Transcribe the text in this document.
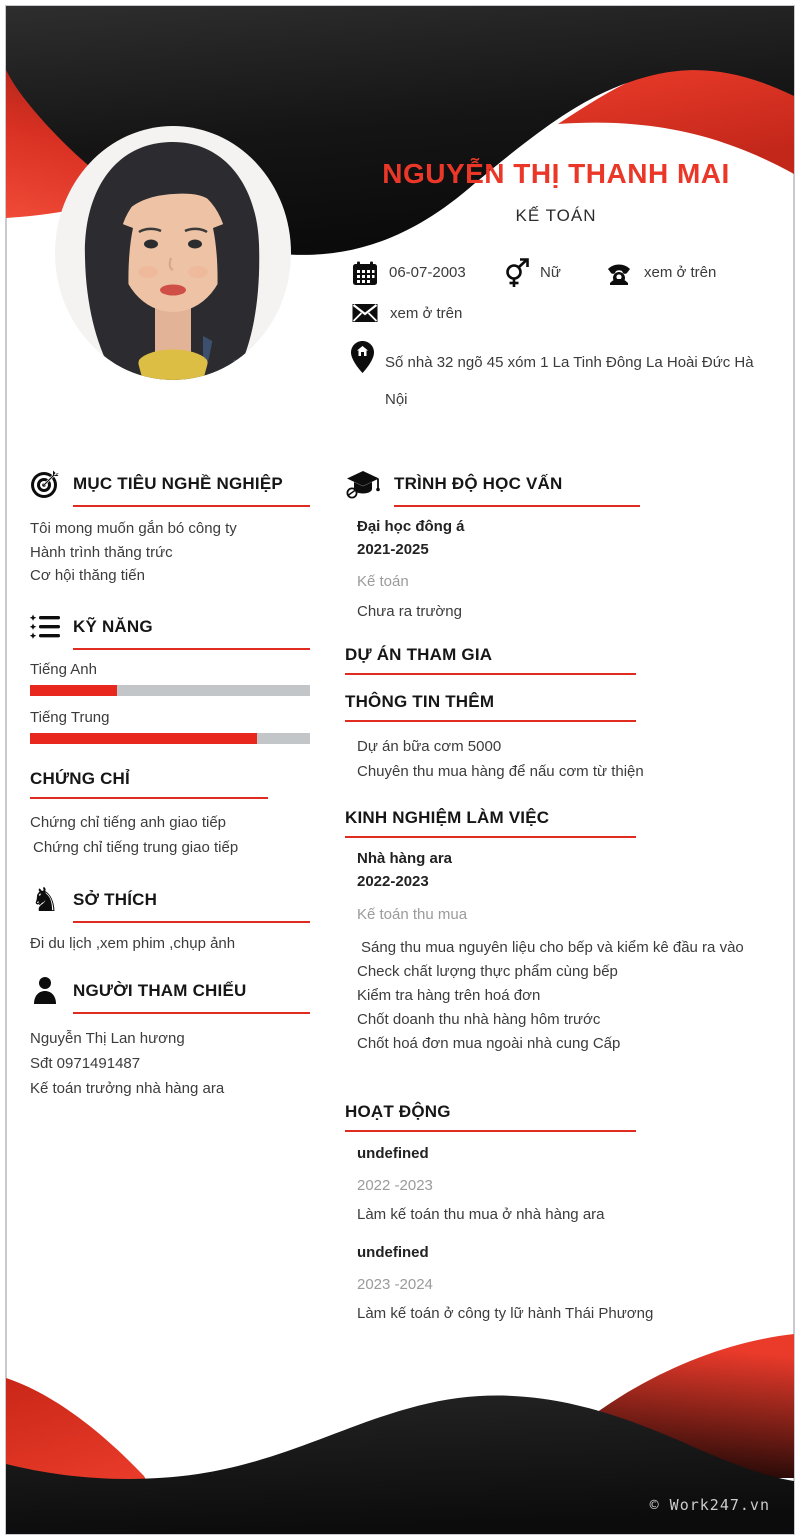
NGUYỄN THỊ THANH MAI
KẾ TOÁN
06-07-2003	Nữ	xem ở trên
xem ở trên
Số nhà 32 ngõ 45 xóm 1 La Tinh Đông La Hoài Đức Hà Nội
MỤC TIÊU NGHỀ NGHIỆP
Tôi mong muốn gắn bó công ty
Hành trình thăng trức
Cơ hội thăng tiến
KỸ NĂNG
Tiếng Anh
Tiếng Trung
CHỨNG CHỈ
Chứng chỉ tiếng anh giao tiếp
Chứng chỉ tiếng trung giao tiếp
♞ SỞ THÍCH
Đi du lịch ,xem phim ,chụp ảnh
NGƯỜI THAM CHIẾU
Nguyễn Thị Lan hương
Sđt 0971491487
Kế toán trưởng nhà hàng ara
TRÌNH ĐỘ HỌC VẤN
Đại học đông á
2021-2025
Kế toán
Chưa ra trường
DỰ ÁN THAM GIA
THÔNG TIN THÊM
Dự án bữa cơm 5000
Chuyên thu mua hàng để nấu cơm từ thiện
KINH NGHIỆM LÀM VIỆC
Nhà hàng ara
2022-2023
Kế toán thu mua
Sáng thu mua nguyên liệu cho bếp và kiểm kê đầu ra vào
Check chất lượng thực phẩm cùng bếp
Kiểm tra hàng trên hoá đơn
Chốt doanh thu nhà hàng hôm trước
Chốt hoá đơn mua ngoài nhà cung Cấp
HOẠT ĐỘNG
undefined
2022 -2023
Làm kế toán thu mua ở nhà hàng ara
undefined
2023 -2024
Làm kế toán ở công ty lữ hành Thái Phương
© Work247.vn
